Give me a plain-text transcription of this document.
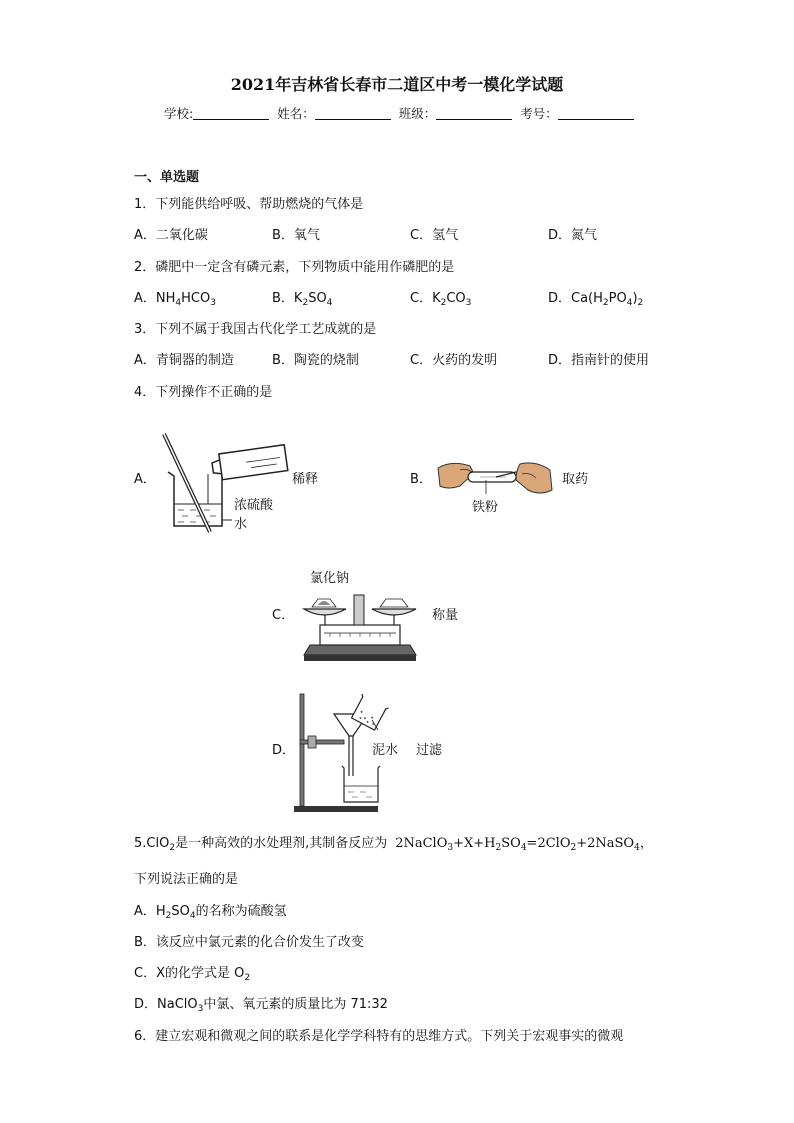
2021年吉林省长春市二道区中考一模化学试题
学校:	姓名：	班级：	考号：
一、单选题
1．下列能供给呼吸、帮助燃烧的气体是
A．二氧化碳	B．氧气	C．氢气	D．氮气
2．磷肥中一定含有磷元素，下列物质中能用作磷肥的是
A．$NH_4HCO_3$	B．$K_2SO_4$	C．$K_2CO_3$	D．$Ca(H_2PO_4)_2$
3．下列不属于我国古代化学工艺成就的是
A．青铜器的制造	B．陶瓷的烧制	C．火药的发明	D．指南针的使用
4．下列操作不正确的是
A．	稀释
浓硫酸
水
B．	取药
铁粉
氯化钠
C．	称量
D．	泥水 过滤
5.ClO$_2$是一种高效的水处理剂,其制备反应为 $2NaClO_3+X+H_2SO_4=2ClO_2+2NaSO_4$，
下列说法正确的是
A．$H_2SO_4$的名称为硫酸氢
B．该反应中氯元素的化合价发生了改变
C．X的化学式是 $O_2$
D．NaClO$_3$中氯、氧元素的质量比为 71:32
6．建立宏观和微观之间的联系是化学学科特有的思维方式。下列关于宏观事实的微观
